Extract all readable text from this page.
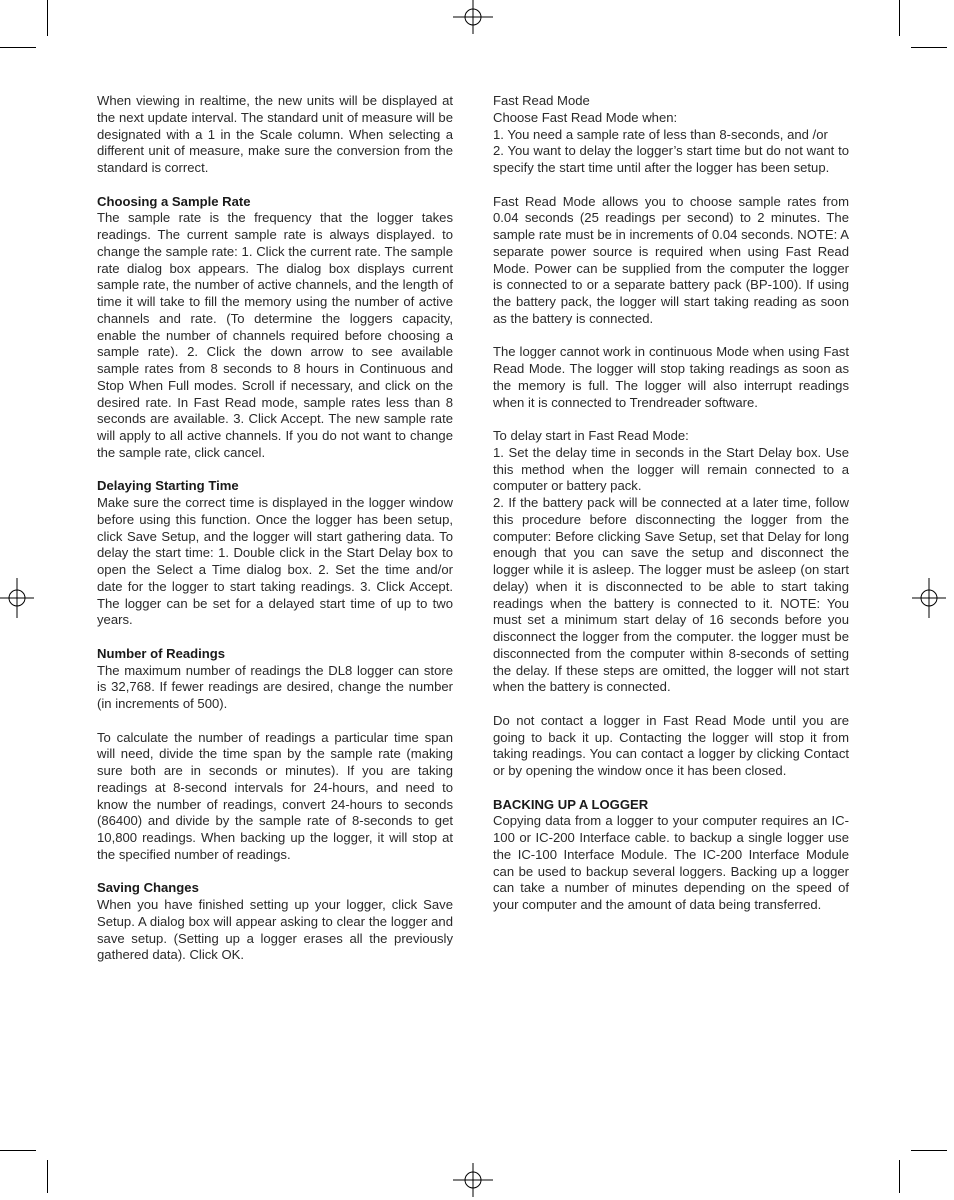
When viewing in realtime, the new units will be displayed at the next update interval. The standard unit of measure will be designated with a 1 in the Scale column. When selecting a different unit of measure, make sure the conversion from the standard is correct.

Choosing a Sample Rate

The sample rate is the frequency that the logger takes readings. The current sample rate is always displayed. to change the sample rate: 1. Click the current rate. The sample rate dialog box appears. The dialog box displays current sample rate, the number of active channels, and the length of time it will take to fill the memory using the number of active channels and rate. (To determine the loggers capacity, enable the number of channels required before choosing a sample rate). 2. Click the down arrow to see available sample rates from 8 seconds to 8 hours in Continuous and Stop When Full modes. Scroll if necessary, and click on the desired rate. In Fast Read mode, sample rates less than 8 seconds are available. 3. Click Accept. The new sample rate will apply to all active channels. If you do not want to change the sample rate, click cancel.

Delaying Starting Time

Make sure the correct time is displayed in the logger window before using this function. Once the logger has been setup, click Save Setup, and the logger will start gathering data. To delay the start time: 1. Double click in the Start Delay box to open the Select a Time dialog box. 2. Set the time and/or date for the logger to start taking readings. 3. Click Accept. The logger can be set for a delayed start time of up to two years.

Number of Readings

The maximum number of readings the DL8 logger can store is 32,768. If fewer readings are desired, change the number (in increments of 500).

To calculate the number of readings a particular time span will need, divide the time span by the sample rate (making sure both are in seconds or minutes). If you are taking readings at 8-second intervals for 24-hours, and need to know the number of readings, convert 24-hours to seconds (86400) and divide by the sample rate of 8-seconds to get 10,800 readings. When backing up the logger, it will stop at the specified number of readings.

Saving Changes

When you have finished setting up your logger, click Save Setup. A dialog box will appear asking to clear the logger and save setup. (Setting up a logger erases all the previously gathered data). Click OK.

Fast Read Mode

Choose Fast Read Mode when:

1. You need a sample rate of less than 8-seconds, and /or

2. You want to delay the logger’s start time but do not want to specify the start time until after the logger has been setup.

Fast Read Mode allows you to choose sample rates from 0.04 seconds (25 readings per second) to 2 minutes. The sample rate must be in increments of 0.04 seconds. NOTE: A separate power source is required when using Fast Read Mode. Power can be supplied from the computer the logger is connected to or a separate battery pack (BP-100). If using the battery pack, the logger will start taking reading as soon as the battery is connected.

The logger cannot work in continuous Mode when using Fast Read Mode. The logger will stop taking readings as soon as the memory is full. The logger will also interrupt readings when it is connected to Trendreader software.

To delay start in Fast Read Mode:

1. Set the delay time in seconds in the Start Delay box. Use this method when the logger will remain connected to a computer or battery pack.

2. If the battery pack will be connected at a later time, follow this procedure before disconnecting the logger from the computer: Before clicking Save Setup, set that Delay for long enough that you can save the setup and disconnect the logger while it is asleep. The logger must be asleep (on start delay) when it is disconnected to be able to start taking readings when the battery is connected to it. NOTE: You must set a minimum start delay of 16 seconds before you disconnect the logger from the computer. the logger must be disconnected from the computer within 8-seconds of setting the delay. If these steps are omitted, the logger will not start when the battery is connected.

Do not contact a logger in Fast Read Mode until you are going to back it up. Contacting the logger will stop it from taking readings. You can contact a logger by clicking Contact or by opening the window once it has been closed.

BACKING UP A LOGGER

Copying data from a logger to your computer requires an IC-100 or IC-200 Interface cable. to backup a single logger use the IC-100 Interface Module. The IC-200 Interface Module can be used to backup several loggers. Backing up a logger can take a number of minutes depending on the speed of your computer and the amount of data being transferred.
